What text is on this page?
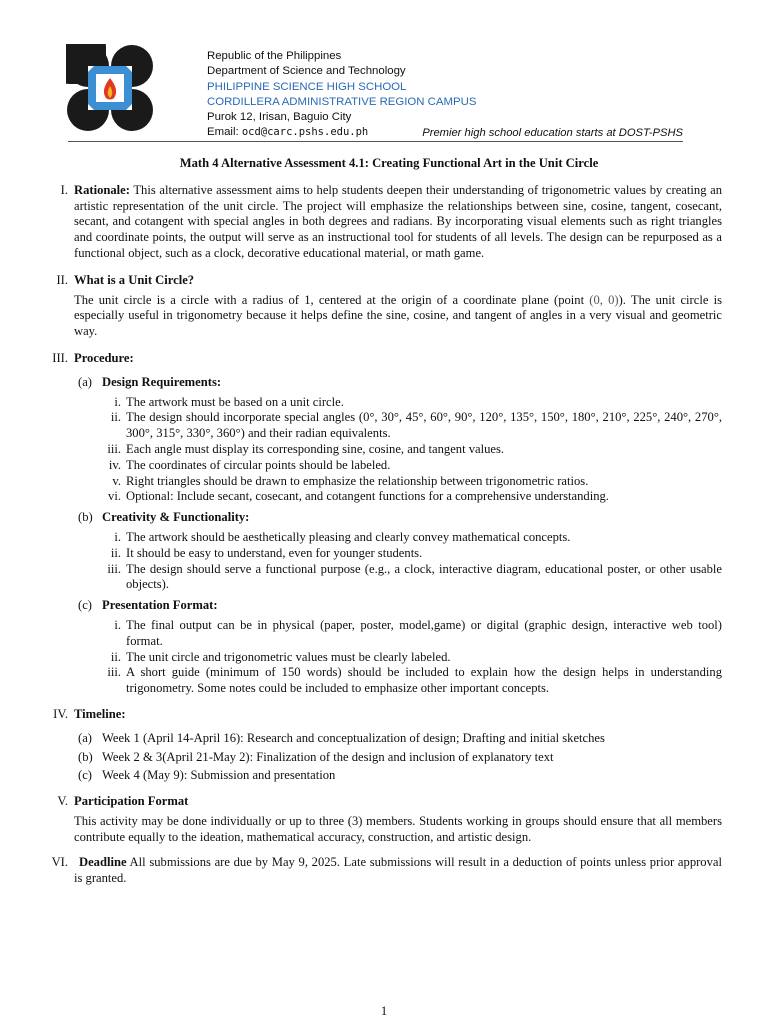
Republic of the Philippines
Department of Science and Technology
PHILIPPINE SCIENCE HIGH SCHOOL
CORDILLERA ADMINISTRATIVE REGION CAMPUS
Purok 12, Irisan, Baguio City
Email: ocd@carc.pshs.edu.ph	Premier high school education starts at DOST-PSHS

Math 4 Alternative Assessment 4.1: Creating Functional Art in the Unit Circle

I. Rationale: This alternative assessment aims to help students deepen their understanding of trigonometric values by creating an artistic representation of the unit circle. The project will emphasize the relationships between sine, cosine, tangent, cosecant, secant, and cotangent with special angles in both degrees and radians. By incorporating visual elements such as right triangles and coordinate points, the output will serve as an instructional tool for students of all levels. The design can be repurposed as a functional object, such as a clock, decorative educational material, or math game.

II. What is a Unit Circle?

The unit circle is a circle with a radius of 1, centered at the origin of a coordinate plane (point (0, 0)). The unit circle is especially useful in trigonometry because it helps define the sine, cosine, and tangent of angles in a very visual and geometric way.

III. Procedure:

(a) Design Requirements:
i. The artwork must be based on a unit circle.
ii. The design should incorporate special angles (0°, 30°, 45°, 60°, 90°, 120°, 135°, 150°, 180°, 210°, 225°, 240°, 270°, 300°, 315°, 330°, 360°) and their radian equivalents.
iii. Each angle must display its corresponding sine, cosine, and tangent values.
iv. The coordinates of circular points should be labeled.
v. Right triangles should be drawn to emphasize the relationship between trigonometric ratios.
vi. Optional: Include secant, cosecant, and cotangent functions for a comprehensive understanding.
(b) Creativity & Functionality:
i. The artwork should be aesthetically pleasing and clearly convey mathematical concepts.
ii. It should be easy to understand, even for younger students.
iii. The design should serve a functional purpose (e.g., a clock, interactive diagram, educational poster, or other usable objects).
(c) Presentation Format:
i. The final output can be in physical (paper, poster, model,game) or digital (graphic design, interactive web tool) format.
ii. The unit circle and trigonometric values must be clearly labeled.
iii. A short guide (minimum of 150 words) should be included to explain how the design helps in understanding trigonometry. Some notes could be included to emphasize other important concepts.
IV. Timeline:

(a) Week 1 (April 14-April 16): Research and conceptualization of design; Drafting and initial sketches
(b) Week 2 & 3(April 21-May 2): Finalization of the design and inclusion of explanatory text
(c) Week 4 (May 9): Submission and presentation
V. Participation Format

This activity may be done individually or up to three (3) members. Students working in groups should ensure that all members contribute equally to the ideation, mathematical accuracy, construction, and artistic design.

VI. Deadline All submissions are due by May 9, 2025. Late submissions will result in a deduction of points unless prior approval is granted.

1
